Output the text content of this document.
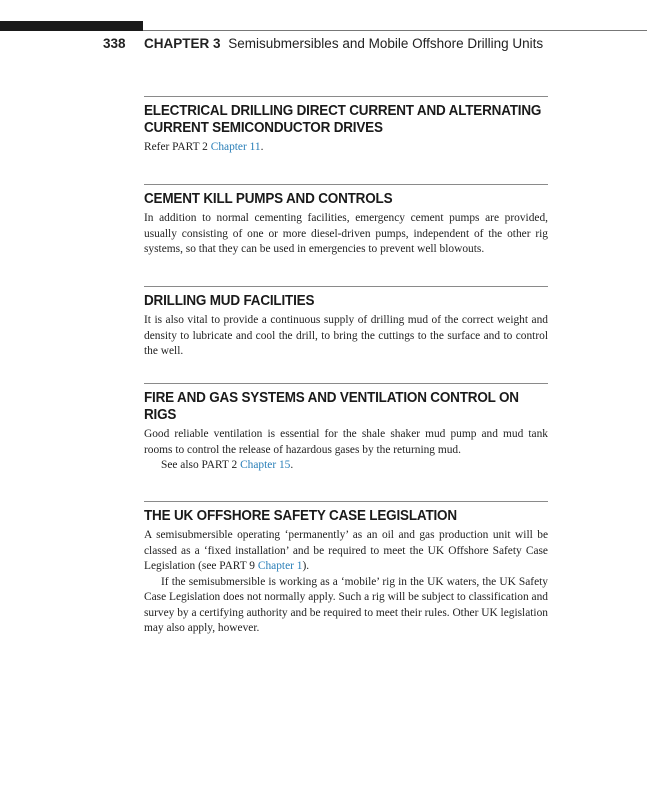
338 CHAPTER 3 Semisubmersibles and Mobile Offshore Drilling Units
ELECTRICAL DRILLING DIRECT CURRENT AND ALTERNATING CURRENT SEMICONDUCTOR DRIVES

Refer PART 2 Chapter 11.

CEMENT KILL PUMPS AND CONTROLS

In addition to normal cementing facilities, emergency cement pumps are provided, usually consisting of one or more diesel-driven pumps, independent of the other rig systems, so that they can be used in emergencies to prevent well blowouts.

DRILLING MUD FACILITIES

It is also vital to provide a continuous supply of drilling mud of the correct weight and density to lubricate and cool the drill, to bring the cuttings to the surface and to control the well.

FIRE AND GAS SYSTEMS AND VENTILATION CONTROL ON RIGS

Good reliable ventilation is essential for the shale shaker mud pump and mud tank rooms to control the release of hazardous gases by the returning mud.

See also PART 2 Chapter 15.

THE UK OFFSHORE SAFETY CASE LEGISLATION

A semisubmersible operating ‘permanently’ as an oil and gas production unit will be classed as a ‘fixed installation’ and be required to meet the UK Offshore Safety Case Legislation (see PART 9 Chapter 1).

If the semisubmersible is working as a ‘mobile’ rig in the UK waters, the UK Safety Case Legislation does not normally apply. Such a rig will be subject to classification and survey by a certifying authority and be required to meet their rules. Other UK legislation may also apply, however.
